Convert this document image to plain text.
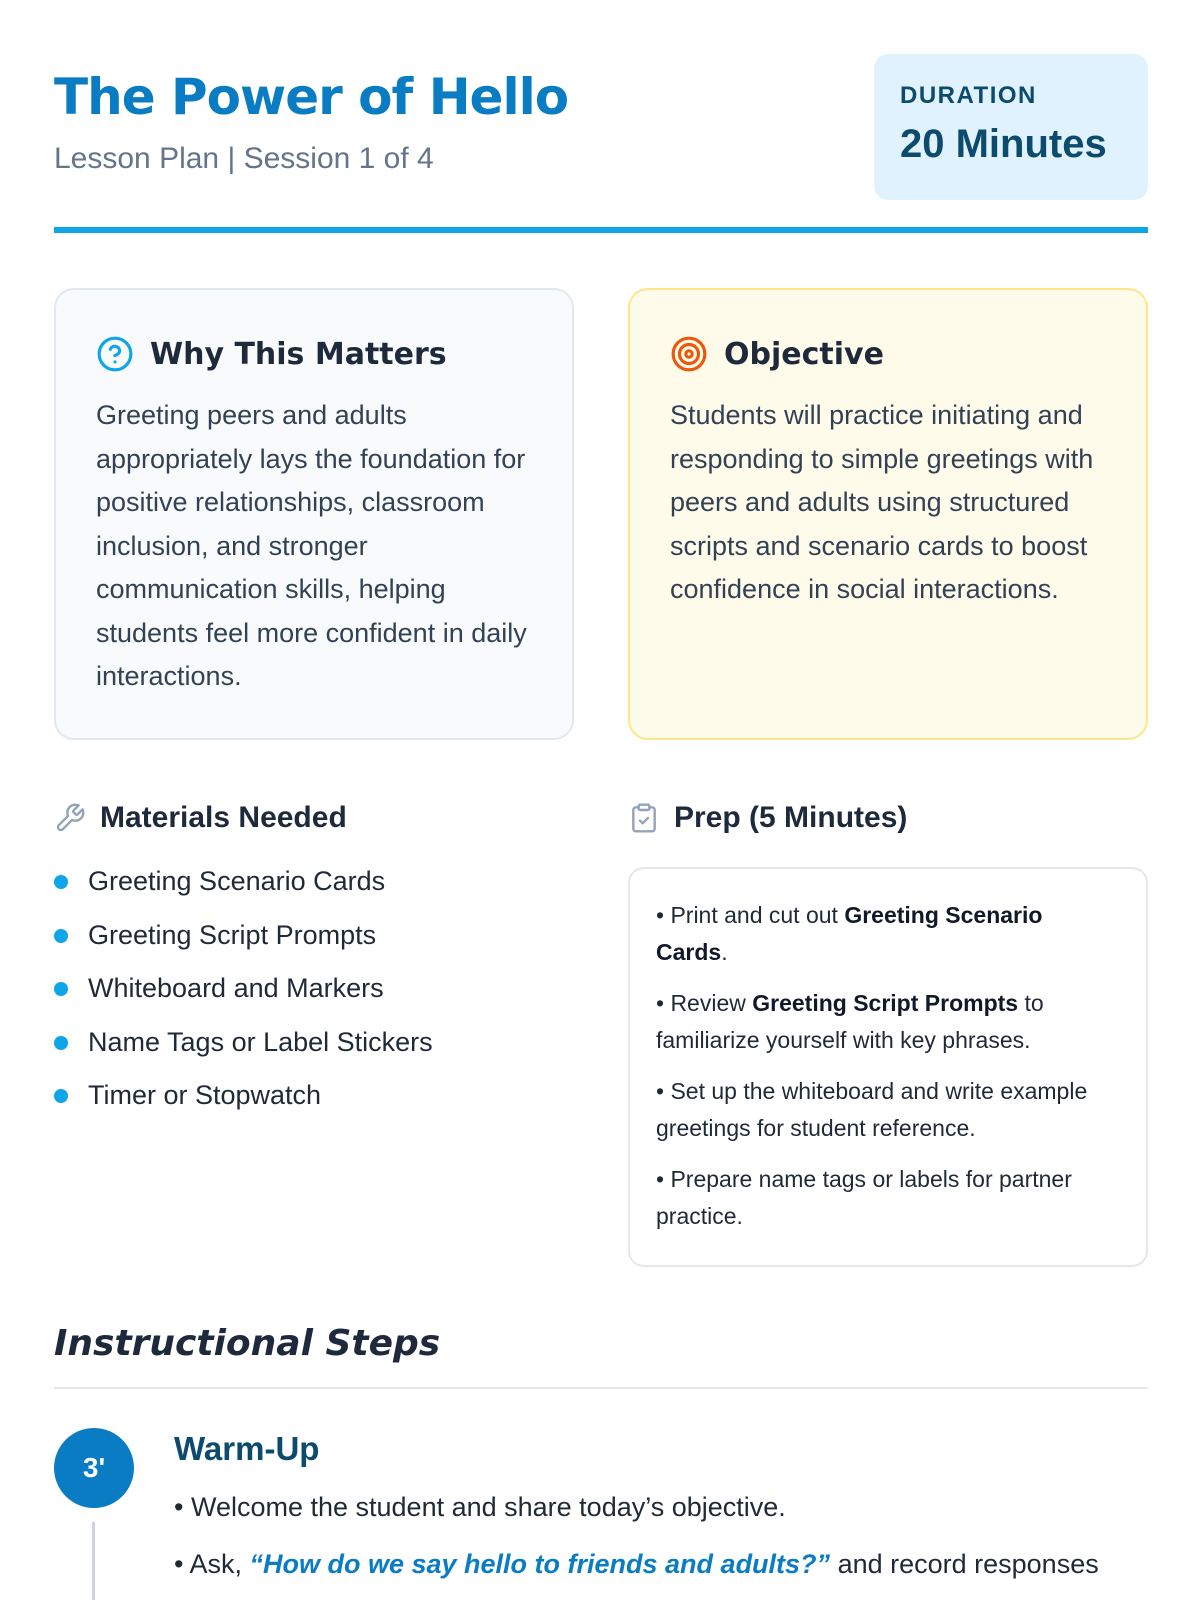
The Power of Hello
Lesson Plan | Session 1 of 4
DURATION
20 Minutes
Why This Matters
Greeting peers and adults appropriately lays the foundation for positive relationships, classroom inclusion, and stronger communication skills, helping students feel more confident in daily interactions.
Objective
Students will practice initiating and responding to simple greetings with peers and adults using structured scripts and scenario cards to boost confidence in social interactions.
Materials Needed
Greeting Scenario Cards
Greeting Script Prompts
Whiteboard and Markers
Name Tags or Label Stickers
Timer or Stopwatch
Prep (5 Minutes)

• Print and cut out Greeting Scenario Cards.

• Review Greeting Script Prompts to familiarize yourself with key phrases.

• Set up the whiteboard and write example greetings for student reference.

• Prepare name tags or labels for partner practice.

Instructional Steps
3'
Warm-Up
• Welcome the student and share today’s objective.
• Ask, “How do we say hello to friends and adults?” and record responses
